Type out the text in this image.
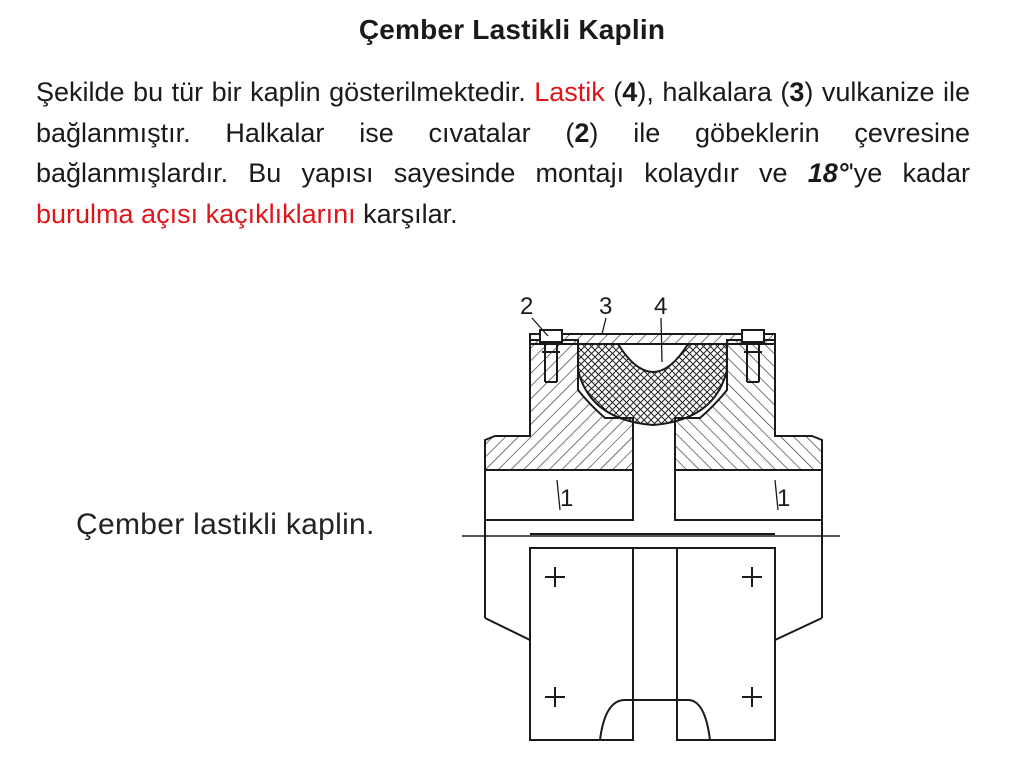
Çember Lastikli Kaplin
Şekilde bu tür bir kaplin gösterilmektedir. Lastik (4), halkalara (3) vulkanize ile bağlanmıştır. Halkalar ise cıvatalar (2) ile göbeklerin çevresine bağlanmışlardır. Bu yapısı sayesinde montajı kolaydır ve 18°'ye kadar burulma açısı kaçıklıklarını karşılar.
Çember lastikli kaplin.
2	3 4
1	1
